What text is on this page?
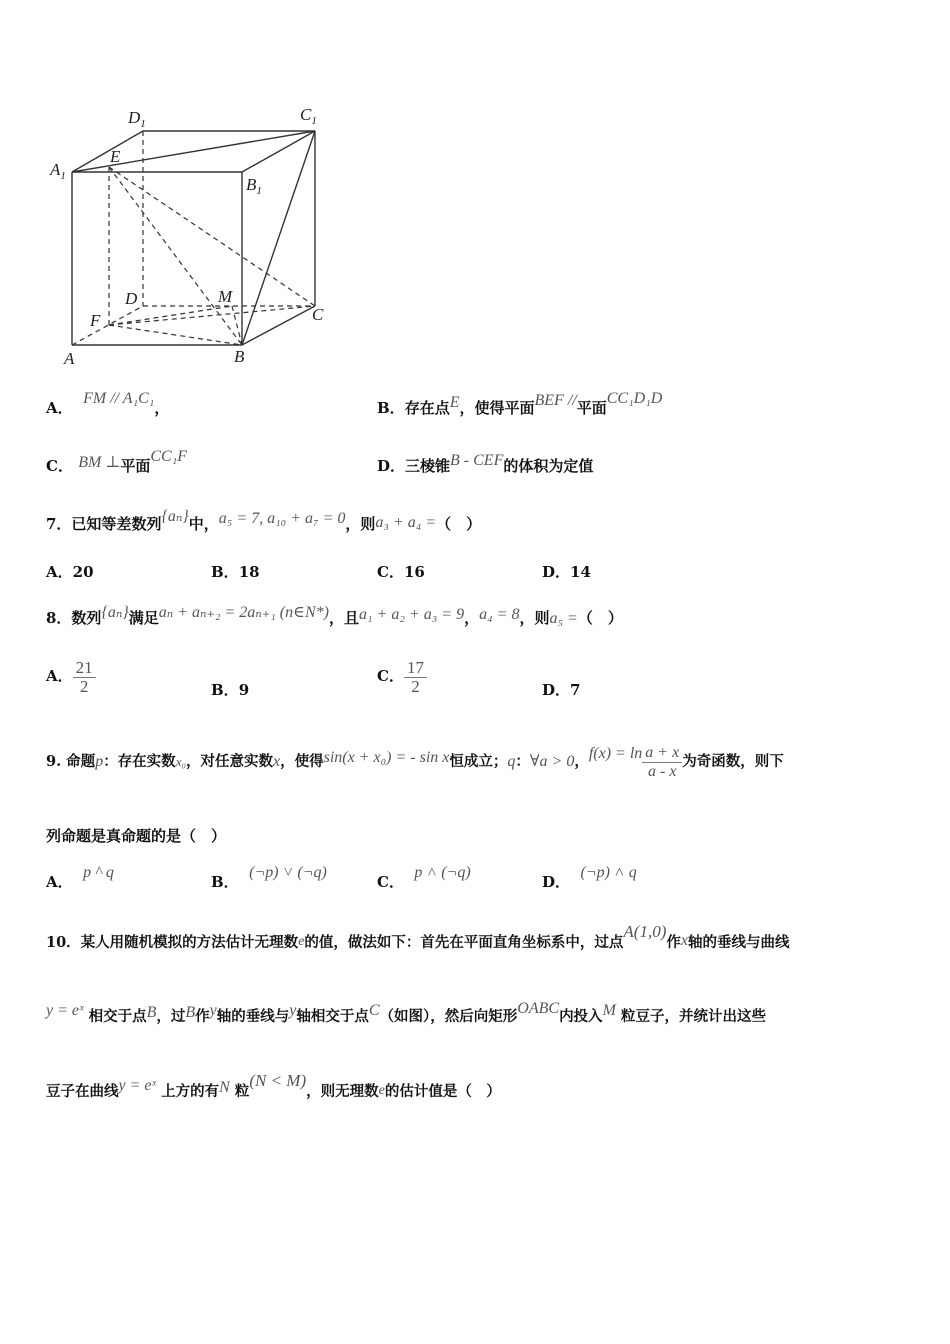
$D_1$	$C_1$
$A_1$
E
$B_1$
D	M
F	C
A	B
A．  FM // A₁C₁，	B．存在点E，使得平面BEF //平面CC₁D₁D
C． BM ⊥平面CC₁F
D．三棱锥B - CEF的体积为定值
7．已知等差数列{aₙ}中，a₅ = 7, a₁₀ + a₇ = 0，则a₃ + a₄ =（　）
A．20	B．18	C．16	D．14
8．数列{aₙ}满足aₙ + aₙ₊₂ = 2aₙ₊₁ (n∈N*)，且a₁ + a₂ + a₃ = 9，a₄ = 8，则a₅ =（　）
A． $\frac{21}{2}$	B．9
C． $\frac{17}{2}$	D．7
9. 命题p：存在实数x₀，对任意实数x，使得sin(x + x₀) = - sin x恒成立；q：∀a > 0，$f(x) = \ln \frac{a + x}{a - x}$ 为奇函数，则下
列命题是真命题的是（　）
A．  p ^ q
B．  (¬p) ˅ (¬q)
C．  p ˄ (¬q)
D．  (¬p) ˄ q
10．某人用随机模拟的方法估计无理数e的值，做法如下：首先在平面直角坐标系中，过点A(1,0)作x轴的垂线与曲线
y = eˣ 相交于点B，过B作y轴的垂线与y轴相交于点C（如图），然后向矩形OABC内投入M 粒豆子，并统计出这些
豆子在曲线y = eˣ 上方的有N 粒(N < M)，则无理数e的估计值是（　）
